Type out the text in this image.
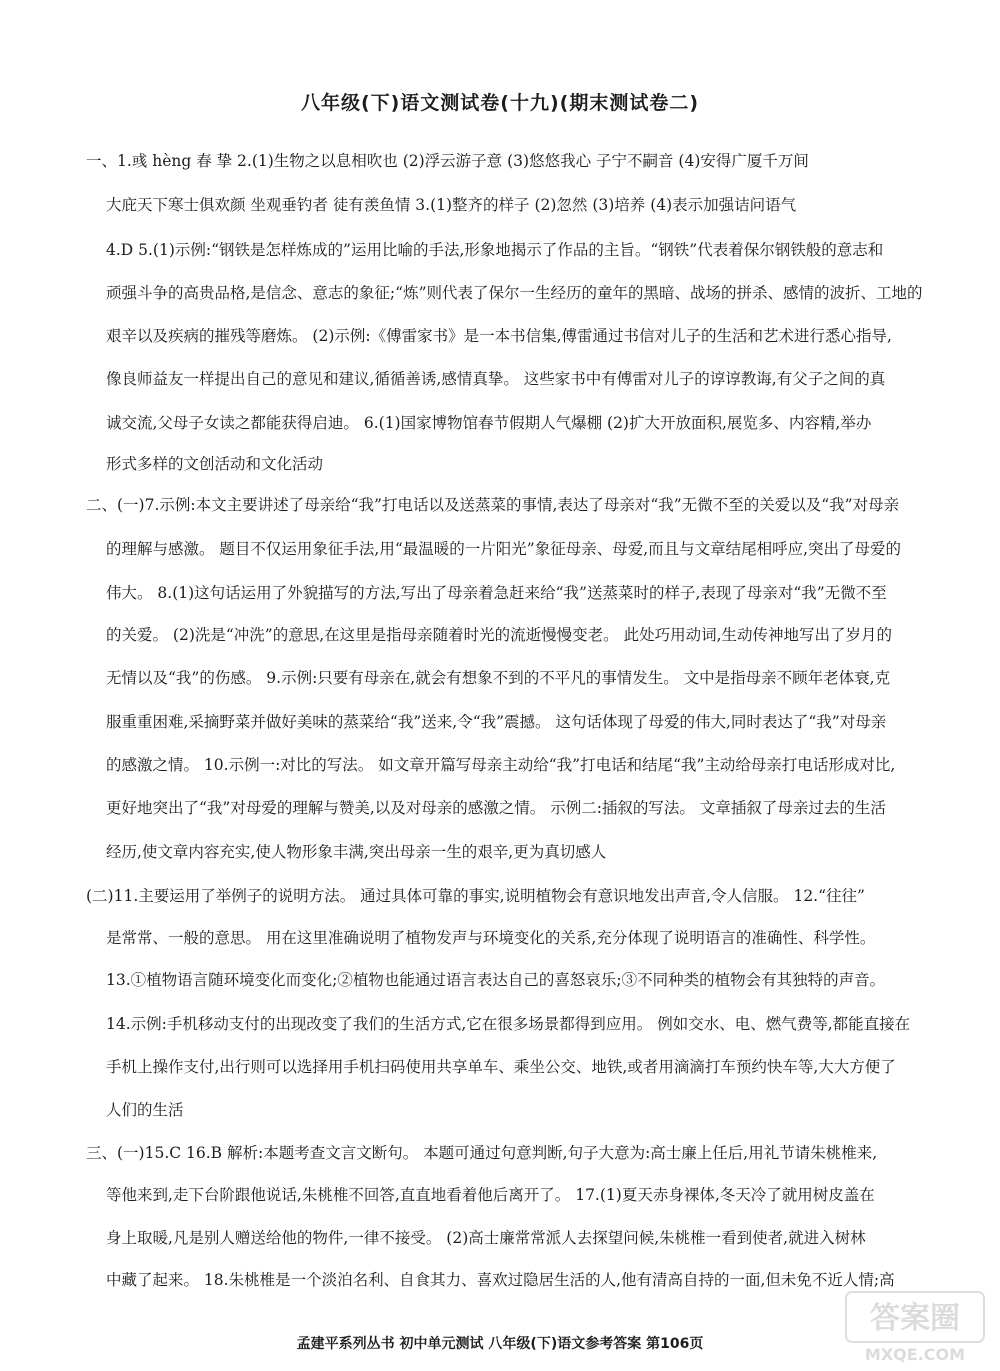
八年级(下)语文测试卷(十九)(期末测试卷二)
一、1.彧 hèng 春 挚 2.(1)生物之以息相吹也 (2)浮云游子意 (3)悠悠我心 子宁不嗣音 (4)安得广厦千万间
大庇天下寒士俱欢颜 坐观垂钓者 徒有羡鱼情 3.(1)整齐的样子 (2)忽然 (3)培养 (4)表示加强诘问语气
4.D 5.(1)示例:“钢铁是怎样炼成的”运用比喻的手法,形象地揭示了作品的主旨。“钢铁”代表着保尔钢铁般的意志和
顽强斗争的高贵品格,是信念、意志的象征;“炼”则代表了保尔一生经历的童年的黑暗、战场的拼杀、感情的波折、工地的
艰辛以及疾病的摧残等磨炼。 (2)示例:《傅雷家书》是一本书信集,傅雷通过书信对儿子的生活和艺术进行悉心指导,
像良师益友一样提出自己的意见和建议,循循善诱,感情真挚。 这些家书中有傅雷对儿子的谆谆教诲,有父子之间的真
诚交流,父母子女读之都能获得启迪。 6.(1)国家博物馆春节假期人气爆棚 (2)扩大开放面积,展览多、内容精,举办
形式多样的文创活动和文化活动
二、(一)7.示例:本文主要讲述了母亲给“我”打电话以及送蒸菜的事情,表达了母亲对“我”无微不至的关爱以及“我”对母亲
的理解与感激。 题目不仅运用象征手法,用“最温暖的一片阳光”象征母亲、母爱,而且与文章结尾相呼应,突出了母爱的
伟大。 8.(1)这句话运用了外貌描写的方法,写出了母亲着急赶来给“我”送蒸菜时的样子,表现了母亲对“我”无微不至
的关爱。 (2)洗是“冲洗”的意思,在这里是指母亲随着时光的流逝慢慢变老。 此处巧用动词,生动传神地写出了岁月的
无情以及“我”的伤感。 9.示例:只要有母亲在,就会有想象不到的不平凡的事情发生。 文中是指母亲不顾年老体衰,克
服重重困难,采摘野菜并做好美味的蒸菜给“我”送来,令“我”震撼。 这句话体现了母爱的伟大,同时表达了“我”对母亲
的感激之情。 10.示例一:对比的写法。 如文章开篇写母亲主动给“我”打电话和结尾“我”主动给母亲打电话形成对比,
更好地突出了“我”对母爱的理解与赞美,以及对母亲的感激之情。 示例二:插叙的写法。 文章插叙了母亲过去的生活
经历,使文章内容充实,使人物形象丰满,突出母亲一生的艰辛,更为真切感人
(二)11.主要运用了举例子的说明方法。 通过具体可靠的事实,说明植物会有意识地发出声音,令人信服。 12.“往往”
是常常、一般的意思。 用在这里准确说明了植物发声与环境变化的关系,充分体现了说明语言的准确性、科学性。
13.①植物语言随环境变化而变化;②植物也能通过语言表达自己的喜怒哀乐;③不同种类的植物会有其独特的声音。
14.示例:手机移动支付的出现改变了我们的生活方式,它在很多场景都得到应用。 例如交水、电、燃气费等,都能直接在
手机上操作支付,出行则可以选择用手机扫码使用共享单车、乘坐公交、地铁,或者用滴滴打车预约快车等,大大方便了
人们的生活
三、(一)15.C 16.B 解析:本题考查文言文断句。 本题可通过句意判断,句子大意为:高士廉上任后,用礼节请朱桃椎来,
等他来到,走下台阶跟他说话,朱桃椎不回答,直直地看着他后离开了。 17.(1)夏天赤身裸体,冬天冷了就用树皮盖在
身上取暖,凡是别人赠送给他的物件,一律不接受。 (2)高士廉常常派人去探望问候,朱桃椎一看到使者,就进入树林
中藏了起来。 18.朱桃椎是一个淡泊名利、自食其力、喜欢过隐居生活的人,他有清高自持的一面,但未免不近人情;高
孟建平系列丛书 初中单元测试 八年级(下)语文参考答案 第106页
答案圈
MXQE.COM
